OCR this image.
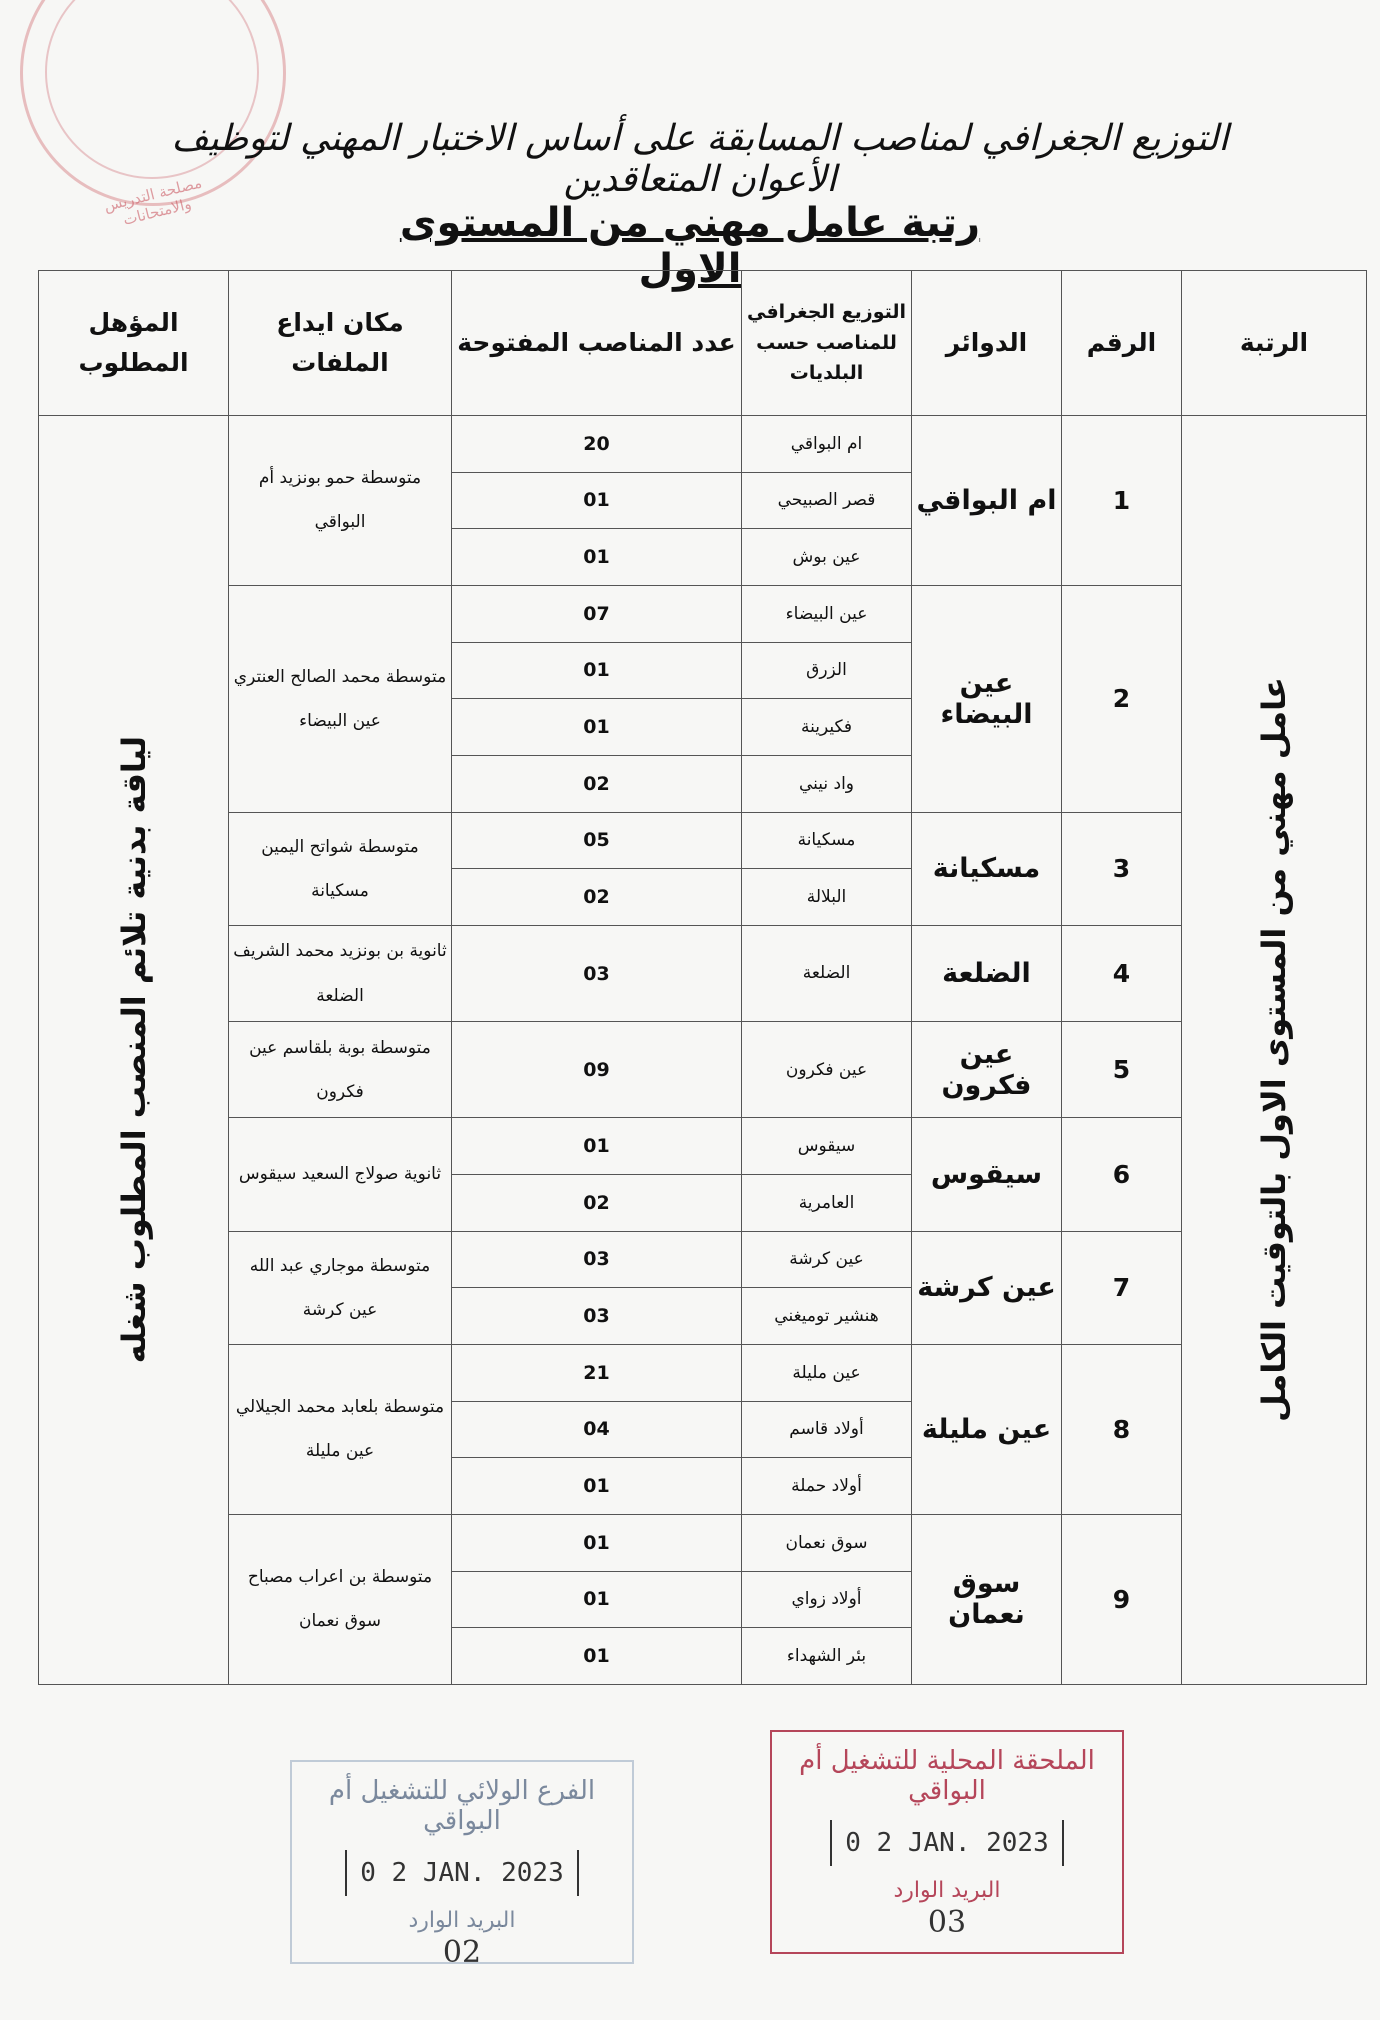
مصلحة التدريس والامتحانات
التوزيع الجغرافي لمناصب المسابقة على أساس الاختبار المهني لتوظيف الأعوان المتعاقدين
رتبة عامل مهني من المستوى الاول
المؤهل المطلوب	مكان ايداع الملفات	عدد المناصب المفتوحة	التوزيع الجغرافي للمناصب حسب البلديات	الدوائر	الرقم	الرتبة

لياقة بدنية تلائم المنصب المطلوب شغله	متوسطة حمو بونزيد أم البواقي	20	ام البواقي	ام البواقي	1	عامل مهني من المستوى الاول بالتوقيت الكامل

		01	قصر الصبيحي			
		01	عين بوش			
	متوسطة محمد الصالح العنتري عين البيضاء	07	عين البيضاء	عين البيضاء	2	
		01	الزرق			
		01	فكيرينة			
		02	واد نيني			
	متوسطة شواتح اليمين مسكيانة	05	مسكيانة	مسكيانة	3	
		02	البلالة			
	ثانوية بن بونزيد محمد الشريف الضلعة	03	الضلعة	الضلعة	4	
	متوسطة بوبة بلقاسم عين فكرون	09	عين فكرون	عين فكرون	5	
	ثانوية صولاج السعيد سيقوس	01	سيقوس	سيقوس	6	
		02	العامرية			
	متوسطة موجاري عبد الله عين كرشة	03	عين كرشة	عين كرشة	7	
		03	هنشير توميغني			
	متوسطة بلعابد محمد الجيلالي عين مليلة	21	عين مليلة	عين مليلة	8	
		04	أولاد قاسم			
		01	أولاد حملة			
	متوسطة بن اعراب مصباح سوق نعمان	01	سوق نعمان	سوق نعمان	9	
		01	أولاد زواي			
		01	بئر الشهداء			
الفرع الولائي للتشغيل أم البواقي
0 2 JAN. 2023
البريد الوارد
02
الملحقة المحلية للتشغيل أم البواقي
0 2 JAN. 2023
البريد الوارد
03
